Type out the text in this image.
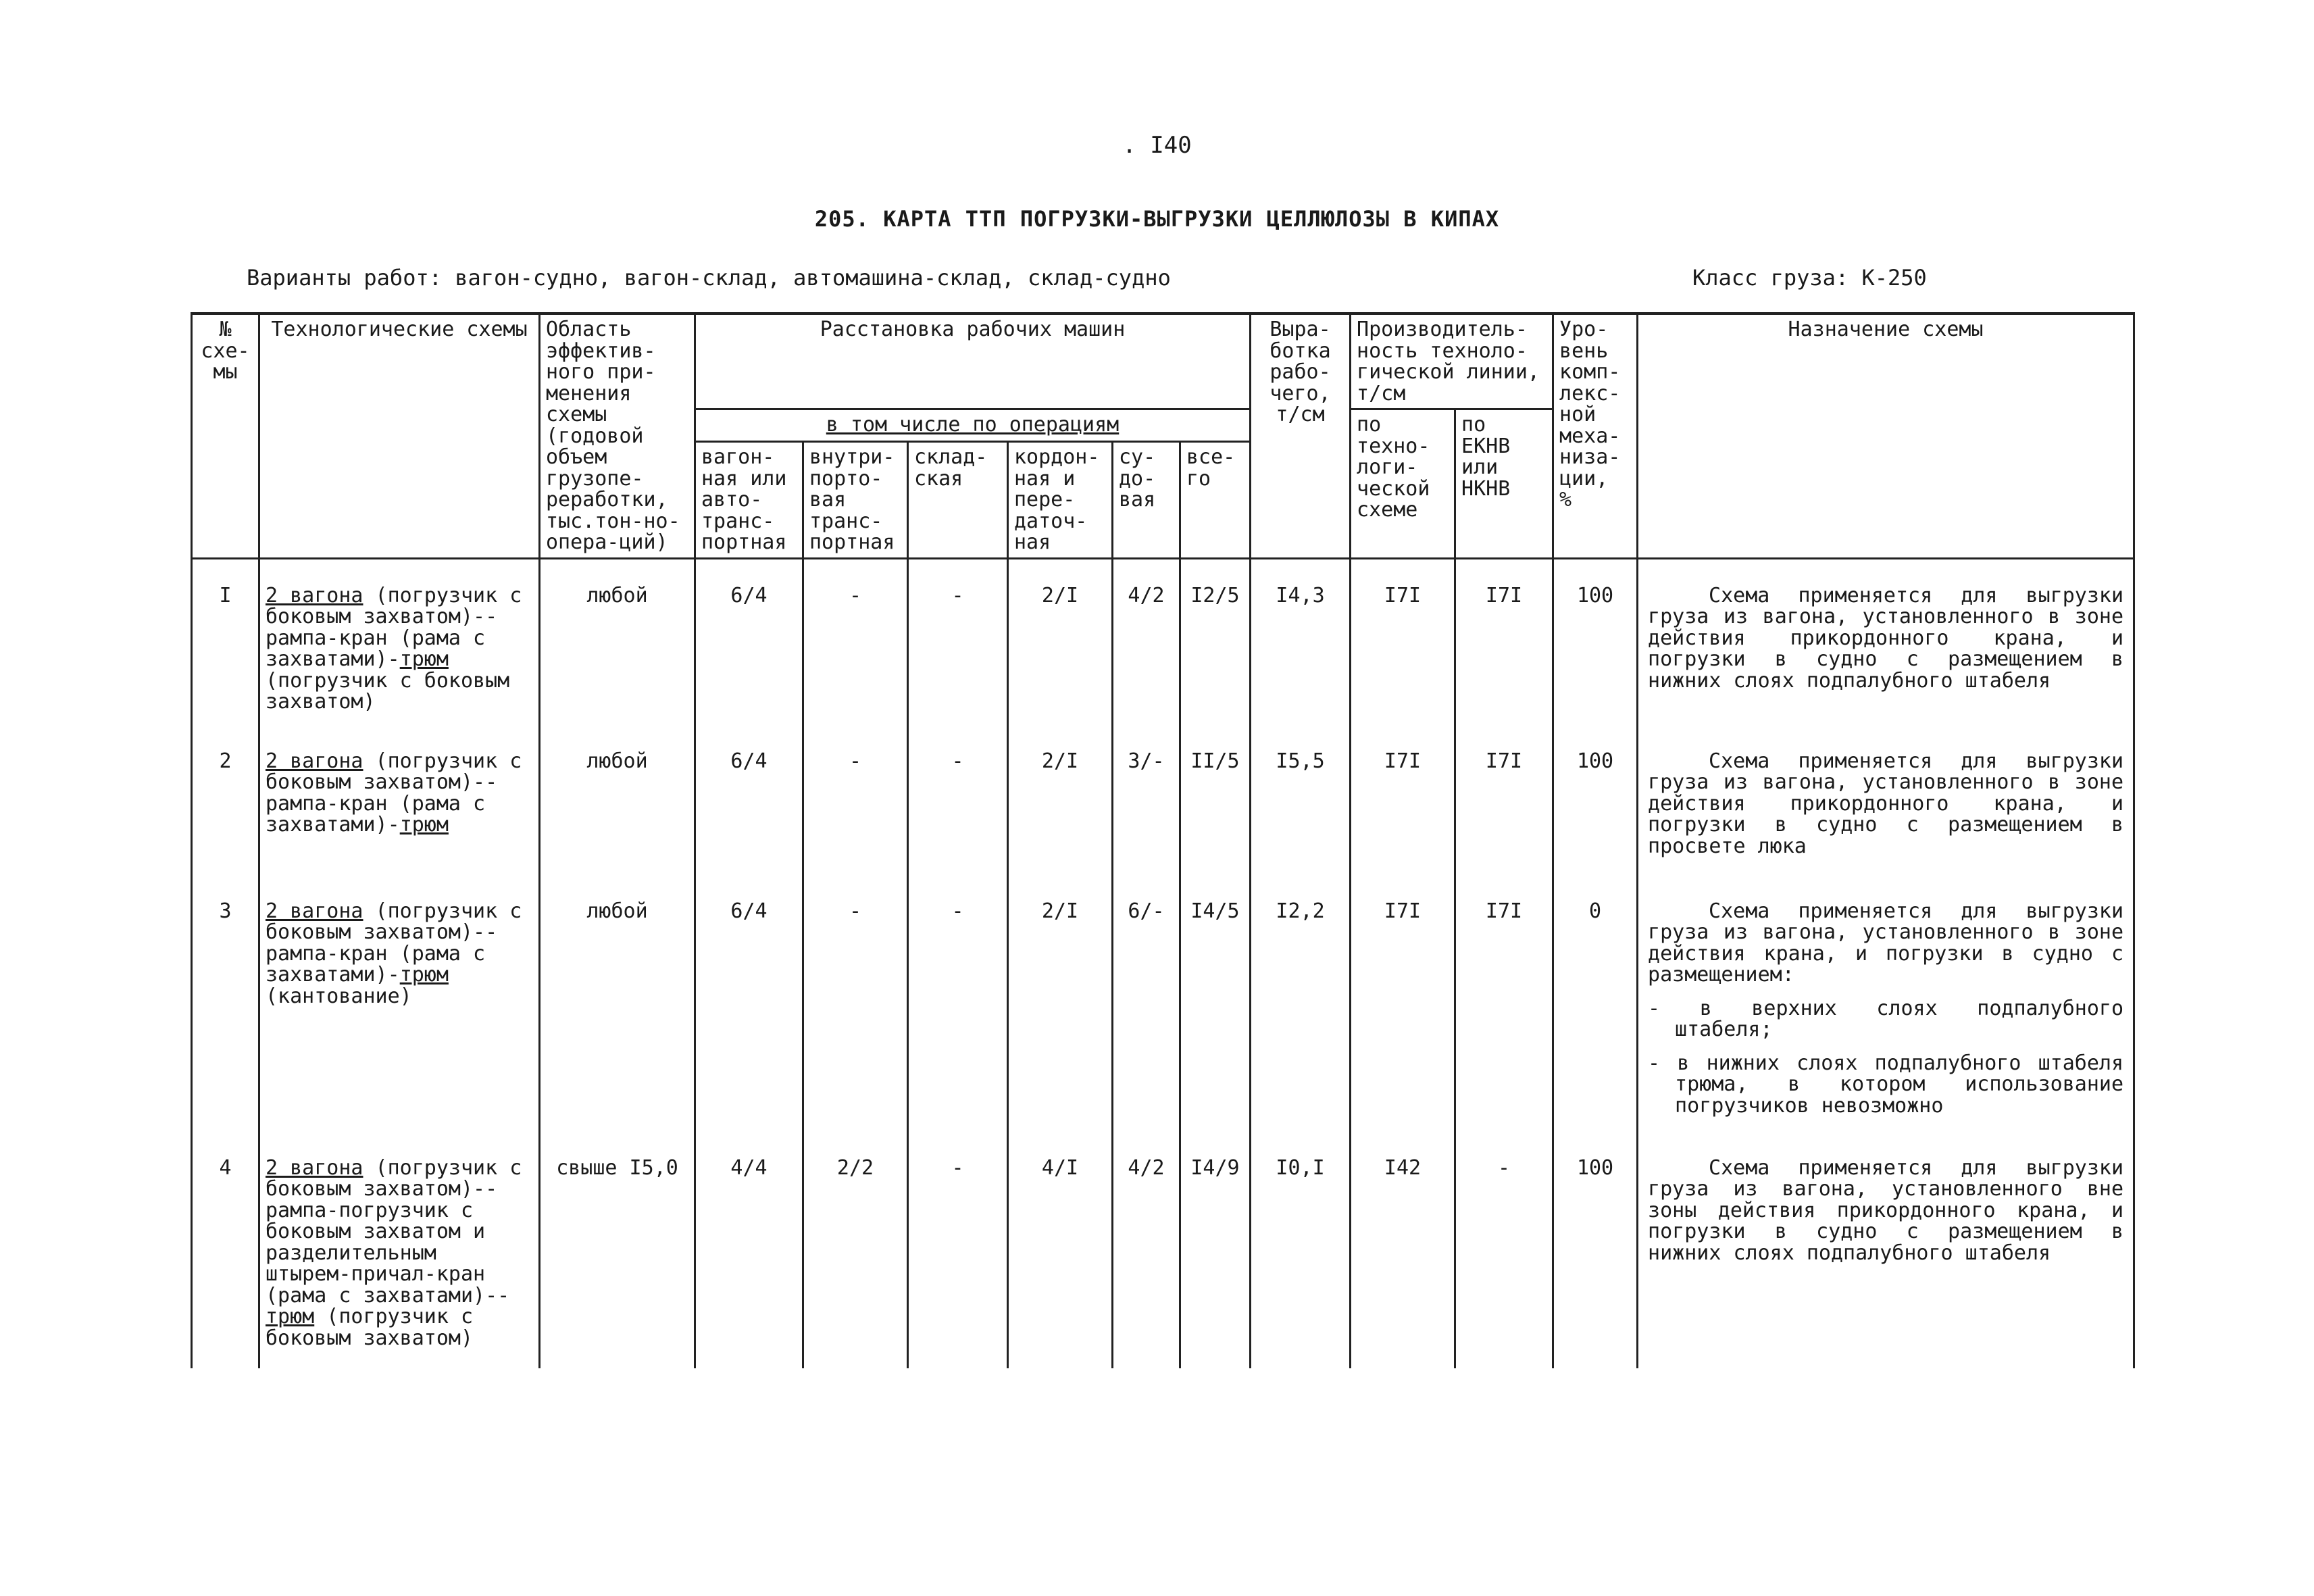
. I40
205. КАРТА ТТП ПОГРУЗКИ-ВЫГРУЗКИ ЦЕЛЛЮЛОЗЫ В КИПАХ
Варианты работ: вагон-судно, вагон-склад, автомашина-склад, склад-судно	Класс груза: К-250
№ схе-мы	Технологические схемы	Область эффектив-ного при-менения схемы (годовой объем грузопе-реработки, тыс.тон-но-опера-ций)	Расстановка рабочих машин						Выра-ботка рабо-чего, т/см	Производитель-ность техноло-гической линии, т/см		Уро-вень комп-лекс-ной меха-низа-ции, %	Назначение схемы
			в том числе по операциям							по техно-логи-ческой схеме	по ЕКНВ или НКНВ		
			вагон-ная или авто-транс-портная	внутри-порто-вая транс-портная	склад-ская	кордон-ная и пере-даточ-ная	су-до-вая	все-го					
I	2 вагона (погрузчик с боковым захватом)--рампа-кран (рама с захватами)-трюм (погрузчик с боковым захватом)	любой	6/4	-	-	2/I	4/2	I2/5	I4,3	I7I	I7I	100	Схема применяется для выгрузки груза из вагона, установленного в зоне действия прикордонного крана, и погрузки в судно с размещением в нижних слоях подпалубного штабеля

2	2 вагона (погрузчик с боковым захватом)--рампа-кран (рама с захватами)-трюм	любой	6/4	-	-	2/I	3/-	II/5	I5,5	I7I	I7I	100	Схема применяется для выгрузки груза из вагона, установленного в зоне действия прикордонного крана, и погрузки в судно с размещением в просвете люка

3	2 вагона (погрузчик с боковым захватом)--рампа-кран (рама с захватами)-трюм (кантование)	любой	6/4	-	-	2/I	6/-	I4/5	I2,2	I7I	I7I	0	Схема применяется для выгрузки груза из вагона, установленного в зоне действия крана, и погрузки в судно с размещением:
- в верхних слоях подпалубного штабеля;
- в нижних слоях подпалубного штабеля трюма, в котором использование погрузчиков невозможно

4	2 вагона (погрузчик с боковым захватом)--рампа-погрузчик с боковым захватом и разделительным штырем-причал-кран (рама с захватами)--трюм (погрузчик с боковым захватом)	свыше I5,0	4/4	2/2	-	4/I	4/2	I4/9	I0,I	I42	-	100	Схема применяется для выгрузки груза из вагона, установленного вне зоны действия прикордонного крана, и погрузки в судно с размещением в нижних слоях подпалубного штабеля
